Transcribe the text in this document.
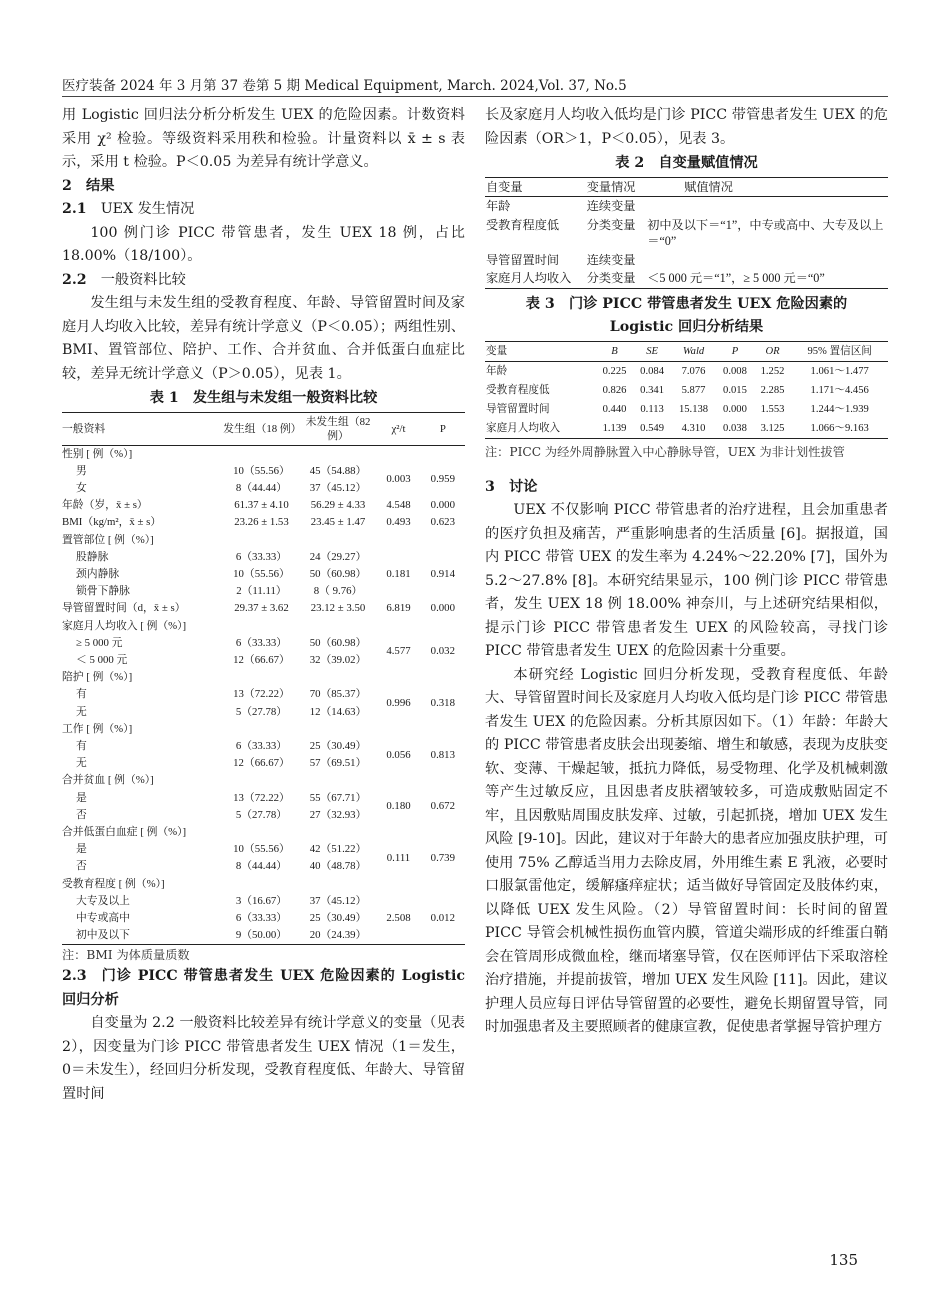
医疗装备 2024 年 3 月第 37 卷第 5 期 Medical Equipment, March. 2024,Vol. 37, No.5

用 Logistic 回归法分析分析发生 UEX 的危险因素。计数资料采用 χ² 检验。等级资料采用秩和检验。计量资料以 x̄ ± s 表示，采用 t 检验。P＜0.05 为差异有统计学意义。

2　结果

2.1 UEX 发生情况

100 例门诊 PICC 带管患者，发生 UEX 18 例，占比 18.00%（18/100）。

2.2 一般资料比较

发生组与未发生组的受教育程度、年龄、导管留置时间及家庭月人均收入比较，差异有统计学意义（P＜0.05）；两组性别、BMI、置管部位、陪护、工作、合并贫血、合并低蛋白血症比较，差异无统计学意义（P＞0.05），见表 1。

表 1　发生组与未发组一般资料比较
一般资料	发生组（18 例）	未发生组（82 例）	χ²/t	P
性别 [ 例（%）]				
男	10（55.56）	45（54.88）	0.003	0.959
女	8（44.44）	37（45.12）		
年龄（岁，x̄ ± s）	61.37 ± 4.10	56.29 ± 4.33	4.548	0.000
BMI（kg/m²，x̄ ± s）	23.26 ± 1.53	23.45 ± 1.47	0.493	0.623
置管部位 [ 例（%）]				
股静脉	6（33.33）	24（29.27）	0.181	0.914
颈内静脉	10（55.56）	50（60.98）		
锁骨下静脉	2（11.11）	8（ 9.76）		
导管留置时间（d，x̄ ± s）	29.37 ± 3.62	23.12 ± 3.50	6.819	0.000
家庭月人均收入 [ 例（%）]				
≥ 5 000 元	6（33.33）	50（60.98）	4.577	0.032
＜ 5 000 元	12（66.67）	32（39.02）		
陪护 [ 例（%）]				
有	13（72.22）	70（85.37）	0.996	0.318
无	5（27.78）	12（14.63）		
工作 [ 例（%）]				
有	6（33.33）	25（30.49）	0.056	0.813
无	12（66.67）	57（69.51）		
合并贫血 [ 例（%）]				
是	13（72.22）	55（67.71）	0.180	0.672
否	5（27.78）	27（32.93）		
合并低蛋白血症 [ 例（%）]				
是	10（55.56）	42（51.22）	0.111	0.739
否	8（44.44）	40（48.78）		
受教育程度 [ 例（%）]				
大专及以上	3（16.67）	37（45.12）	2.508	0.012
中专或高中	6（33.33）	25（30.49）		
初中及以下	9（50.00）	20（24.39）		
注：BMI 为体质量质数

2.3 门诊 PICC 带管患者发生 UEX 危险因素的 Logistic 回归分析

自变量为 2.2 一般资料比较差异有统计学意义的变量（见表 2），因变量为门诊 PICC 带管患者发生 UEX 情况（1＝发生，0＝未发生），经回归分析发现，受教育程度低、年龄大、导管留置时间

长及家庭月人均收入低均是门诊 PICC 带管患者发生 UEX 的危险因素（OR＞1，P＜0.05），见表 3。

表 2　自变量赋值情况
自变量	变量情况	赋值情况
年龄	连续变量	
受教育程度低	分类变量	初中及以下＝“1”，中专或高中、大专及以上＝“0”
导管留置时间	连续变量	
家庭月人均收入	分类变量	＜5 000 元＝“1”，≥ 5 000 元＝“0”
表 3　门诊 PICC 带管患者发生 UEX 危险因素的
Logistic 回归分析结果
变量	B	SE	Wald	P	OR	95% 置信区间
年龄	0.225	0.084	7.076	0.008	1.252	1.061～1.477
受教育程度低	0.826	0.341	5.877	0.015	2.285	1.171～4.456
导管留置时间	0.440	0.113	15.138	0.000	1.553	1.244～1.939
家庭月人均收入	1.139	0.549	4.310	0.038	3.125	1.066～9.163
注：PICC 为经外周静脉置入中心静脉导管，UEX 为非计划性拔管

3　讨论

UEX 不仅影响 PICC 带管患者的治疗进程，且会加重患者的医疗负担及痛苦，严重影响患者的生活质量 [6]。据报道，国内 PICC 带管 UEX 的发生率为 4.24%～22.20% [7]，国外为 5.2～27.8% [8]。本研究结果显示，100 例门诊 PICC 带管患者，发生 UEX 18 例 18.00% 神奈川，与上述研究结果相似，提示门诊 PICC 带管患者发生 UEX 的风险较高，寻找门诊 PICC 带管患者发生 UEX 的危险因素十分重要。

本研究经 Logistic 回归分析发现，受教育程度低、年龄大、导管留置时间长及家庭月人均收入低均是门诊 PICC 带管患者发生 UEX 的危险因素。分析其原因如下。（1）年龄：年龄大的 PICC 带管患者皮肤会出现萎缩、增生和敏感，表现为皮肤变软、变薄、干燥起皱，抵抗力降低，易受物理、化学及机械刺激等产生过敏反应，且因患者皮肤褶皱较多，可造成敷贴固定不牢，且因敷贴周围皮肤发痒、过敏，引起抓挠，增加 UEX 发生风险 [9-10]。因此，建议对于年龄大的患者应加强皮肤护理，可使用 75% 乙醇适当用力去除皮屑，外用维生素 E 乳液，必要时口服氯雷他定，缓解瘙痒症状；适当做好导管固定及肢体约束，以降低 UEX 发生风险。（2）导管留置时间：长时间的留置 PICC 导管会机械性损伤血管内膜，管道尖端形成的纤维蛋白鞘会在管周形成微血栓，继而堵塞导管，仅在医师评估下采取溶栓治疗措施，并提前拔管，增加 UEX 发生风险 [11]。因此，建议护理人员应每日评估导管留置的必要性，避免长期留置导管，同时加强患者及主要照顾者的健康宣教，促使患者掌握导管护理方

135
